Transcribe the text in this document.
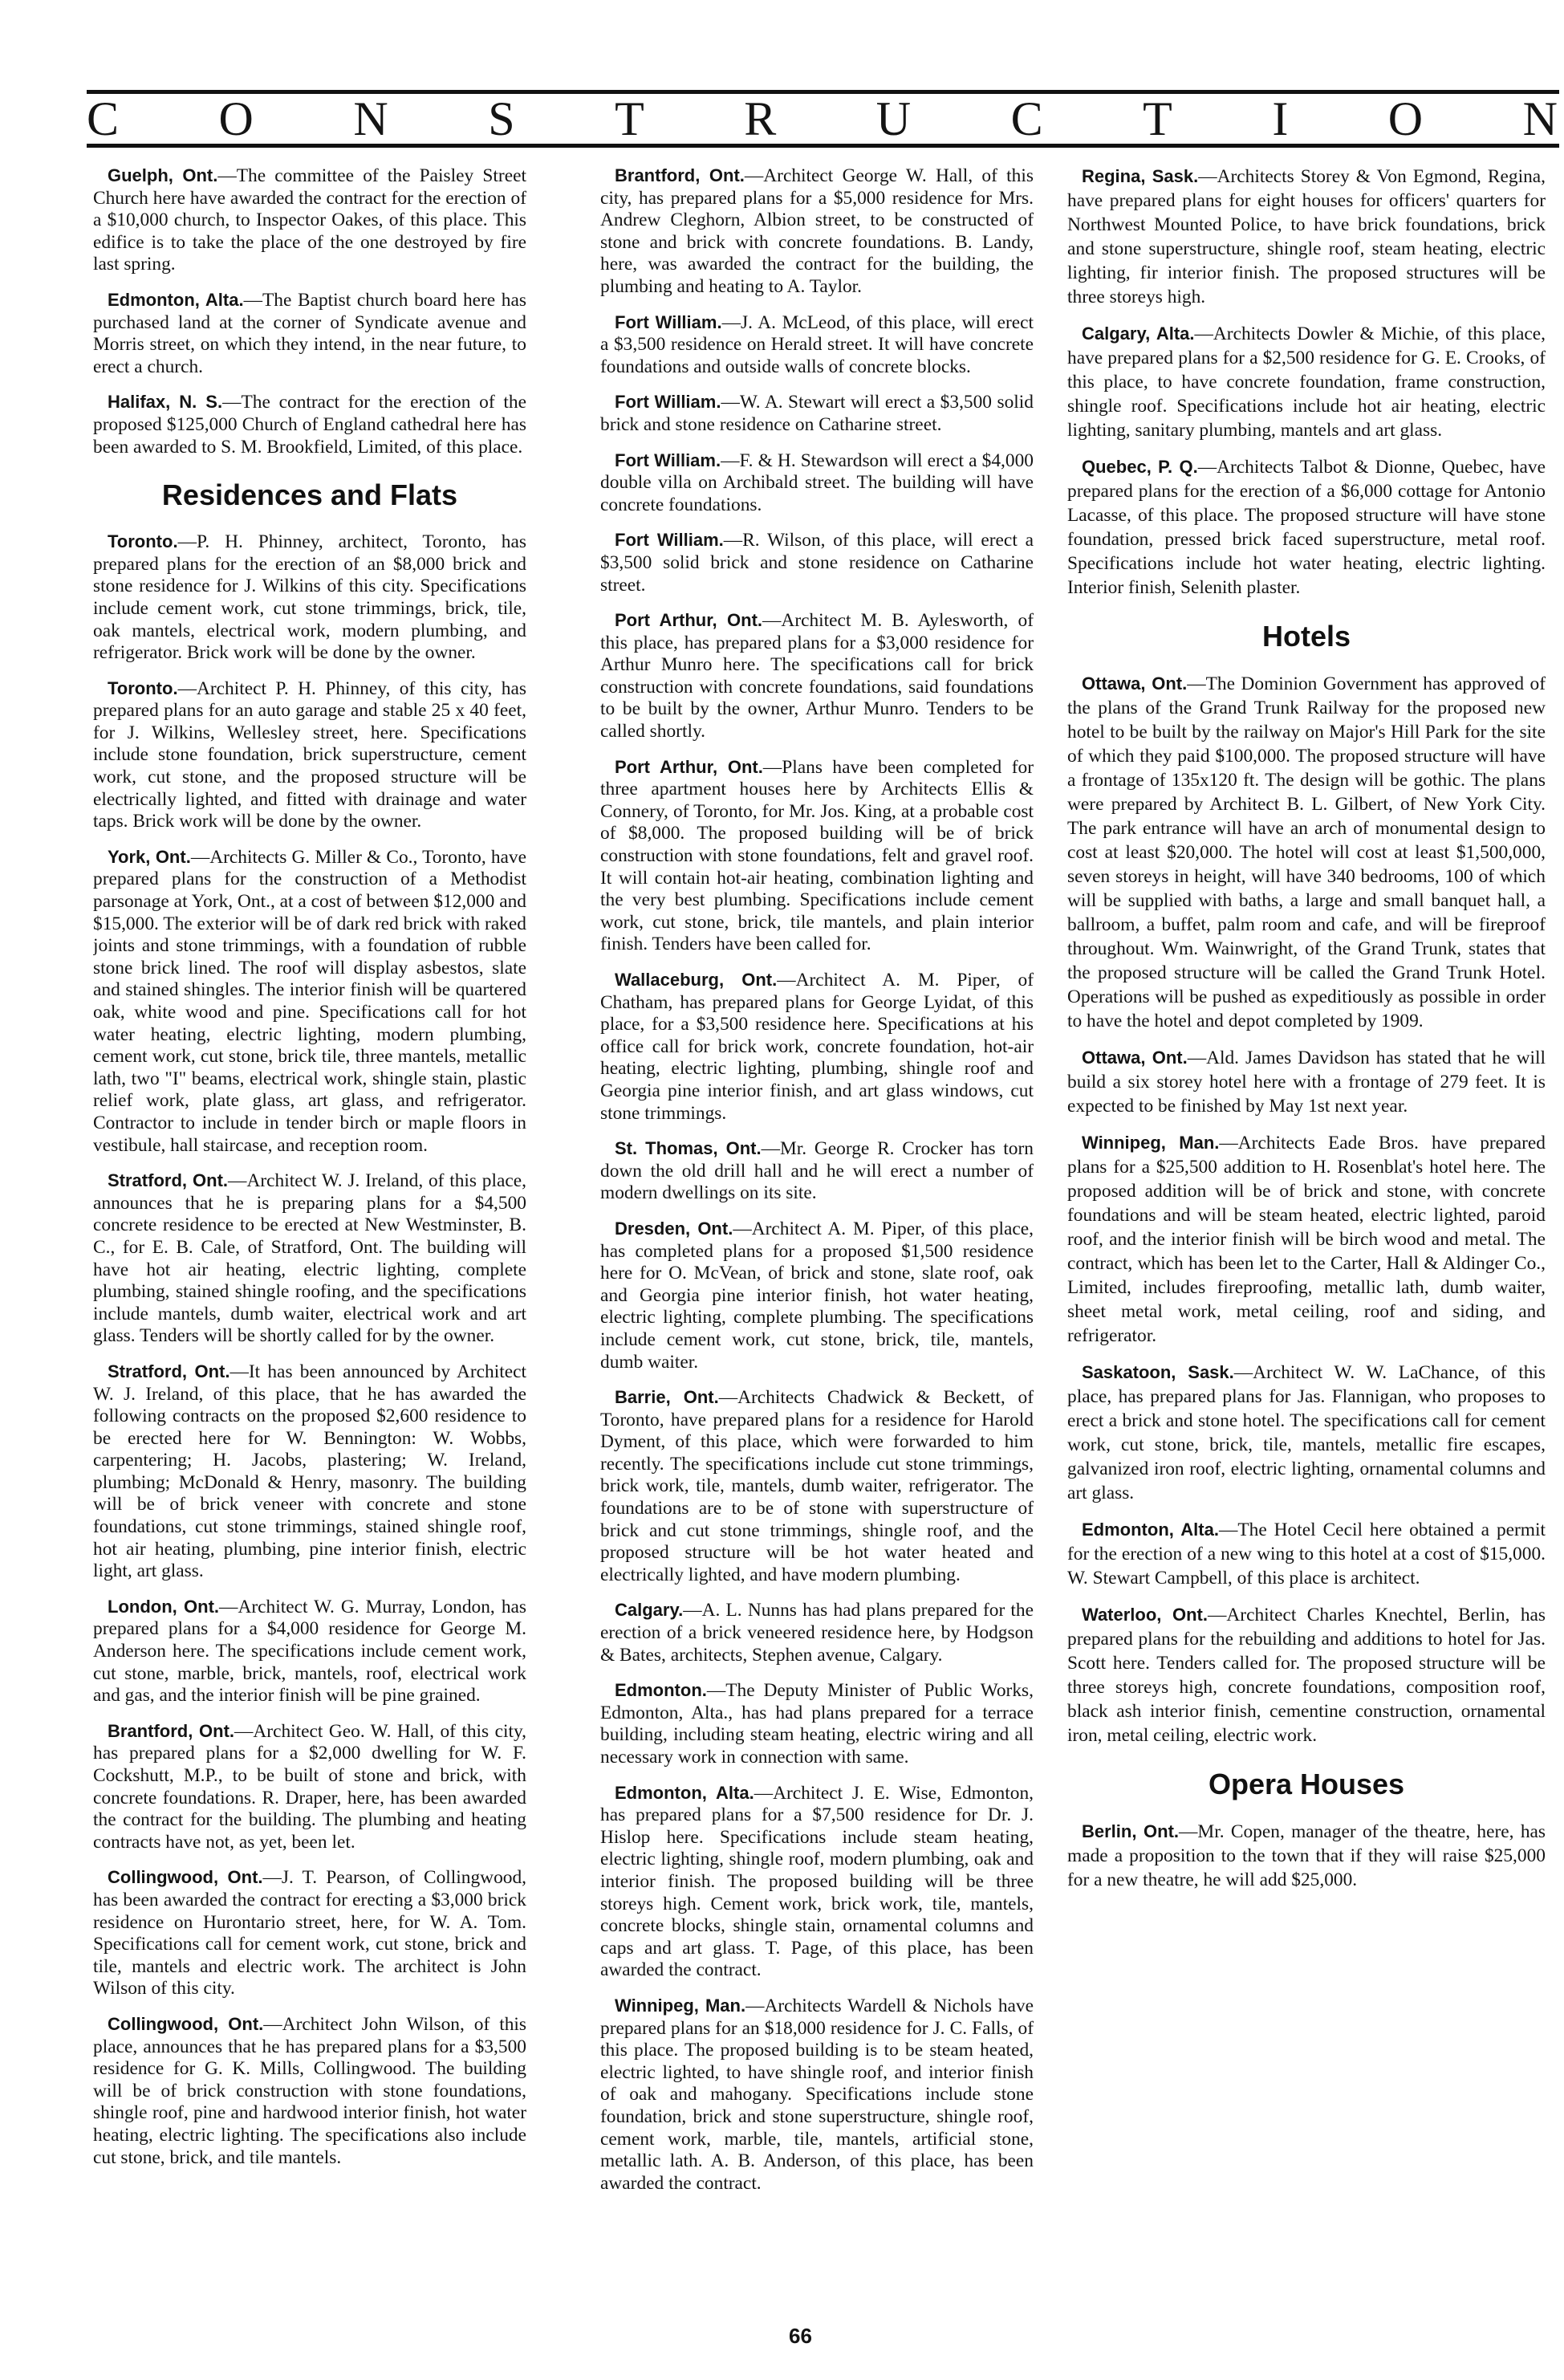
C O N S T R U C T I O N

Guelph, Ont.—The committee of the Paisley Street Church here have awarded the contract for the erection of a $10,000 church, to Inspector Oakes, of this place. This edifice is to take the place of the one destroyed by fire last spring.

Edmonton, Alta.—The Baptist church board here has purchased land at the corner of Syndicate avenue and Morris street, on which they intend, in the near future, to erect a church.

Halifax, N. S.—The contract for the erection of the proposed $125,000 Church of England cathedral here has been awarded to S. M. Brookfield, Limited, of this place.

Residences and Flats

Toronto.—P. H. Phinney, architect, Toronto, has prepared plans for the erection of an $8,000 brick and stone residence for J. Wilkins of this city. Specifications include cement work, cut stone trimmings, brick, tile, oak mantels, electrical work, modern plumbing, and refrigerator. Brick work will be done by the owner.

Toronto.—Architect P. H. Phinney, of this city, has prepared plans for an auto garage and stable 25 x 40 feet, for J. Wilkins, Wellesley street, here. Specifications include stone foundation, brick superstructure, cement work, cut stone, and the proposed structure will be electrically lighted, and fitted with drainage and water taps. Brick work will be done by the owner.

York, Ont.—Architects G. Miller & Co., Toronto, have prepared plans for the construction of a Methodist parsonage at York, Ont., at a cost of between $12,000 and $15,000. The exterior will be of dark red brick with raked joints and stone trimmings, with a foundation of rubble stone brick lined. The roof will display asbestos, slate and stained shingles. The interior finish will be quartered oak, white wood and pine. Specifications call for hot water heating, electric lighting, modern plumbing, cement work, cut stone, brick tile, three mantels, metallic lath, two "I" beams, electrical work, shingle stain, plastic relief work, plate glass, art glass, and refrigerator. Contractor to include in tender birch or maple floors in vestibule, hall staircase, and reception room.

Stratford, Ont.—Architect W. J. Ireland, of this place, announces that he is preparing plans for a $4,500 concrete residence to be erected at New Westminster, B. C., for E. B. Cale, of Stratford, Ont. The building will have hot air heating, electric lighting, complete plumbing, stained shingle roofing, and the specifications include mantels, dumb waiter, electrical work and art glass. Tenders will be shortly called for by the owner.

Stratford, Ont.—It has been announced by Architect W. J. Ireland, of this place, that he has awarded the following contracts on the proposed $2,600 residence to be erected here for W. Bennington: W. Wobbs, carpentering; H. Jacobs, plastering; W. Ireland, plumbing; McDonald & Henry, masonry. The building will be of brick veneer with concrete and stone foundations, cut stone trimmings, stained shingle roof, hot air heating, plumbing, pine interior finish, electric light, art glass.

London, Ont.—Architect W. G. Murray, London, has prepared plans for a $4,000 residence for George M. Anderson here. The specifications include cement work, cut stone, marble, brick, mantels, roof, electrical work and gas, and the interior finish will be pine grained.

Brantford, Ont.—Architect Geo. W. Hall, of this city, has prepared plans for a $2,000 dwelling for W. F. Cockshutt, M.P., to be built of stone and brick, with concrete foundations. R. Draper, here, has been awarded the contract for the building. The plumbing and heating contracts have not, as yet, been let.

Collingwood, Ont.—J. T. Pearson, of Collingwood, has been awarded the contract for erecting a $3,000 brick residence on Hurontario street, here, for W. A. Tom. Specifications call for cement work, cut stone, brick and tile, mantels and electric work. The architect is John Wilson of this city.

Collingwood, Ont.—Architect John Wilson, of this place, announces that he has prepared plans for a $3,500 residence for G. K. Mills, Collingwood. The building will be of brick construction with stone foundations, shingle roof, pine and hardwood interior finish, hot water heating, electric lighting. The specifications also include cut stone, brick, and tile mantels.

Brantford, Ont.—Architect George W. Hall, of this city, has prepared plans for a $5,000 residence for Mrs. Andrew Cleghorn, Albion street, to be constructed of stone and brick with concrete foundations. B. Landy, here, was awarded the contract for the building, the plumbing and heating to A. Taylor.

Fort William.—J. A. McLeod, of this place, will erect a $3,500 residence on Herald street. It will have concrete foundations and outside walls of concrete blocks.

Fort William.—W. A. Stewart will erect a $3,500 solid brick and stone residence on Catharine street.

Fort William.—F. & H. Stewardson will erect a $4,000 double villa on Archibald street. The building will have concrete foundations.

Fort William.—R. Wilson, of this place, will erect a $3,500 solid brick and stone residence on Catharine street.

Port Arthur, Ont.—Architect M. B. Aylesworth, of this place, has prepared plans for a $3,000 residence for Arthur Munro here. The specifications call for brick construction with concrete foundations, said foundations to be built by the owner, Arthur Munro. Tenders to be called shortly.

Port Arthur, Ont.—Plans have been completed for three apartment houses here by Architects Ellis & Connery, of Toronto, for Mr. Jos. King, at a probable cost of $8,000. The proposed building will be of brick construction with stone foundations, felt and gravel roof. It will contain hot-air heating, combination lighting and the very best plumbing. Specifications include cement work, cut stone, brick, tile mantels, and plain interior finish. Tenders have been called for.

Wallaceburg, Ont.—Architect A. M. Piper, of Chatham, has prepared plans for George Lyidat, of this place, for a $3,500 residence here. Specifications at his office call for brick work, concrete foundation, hot-air heating, electric lighting, plumbing, shingle roof and Georgia pine interior finish, and art glass windows, cut stone trimmings.

St. Thomas, Ont.—Mr. George R. Crocker has torn down the old drill hall and he will erect a number of modern dwellings on its site.

Dresden, Ont.—Architect A. M. Piper, of this place, has completed plans for a proposed $1,500 residence here for O. McVean, of brick and stone, slate roof, oak and Georgia pine interior finish, hot water heating, electric lighting, complete plumbing. The specifications include cement work, cut stone, brick, tile, mantels, dumb waiter.

Barrie, Ont.—Architects Chadwick & Beckett, of Toronto, have prepared plans for a residence for Harold Dyment, of this place, which were forwarded to him recently. The specifications include cut stone trimmings, brick work, tile, mantels, dumb waiter, refrigerator. The foundations are to be of stone with superstructure of brick and cut stone trimmings, shingle roof, and the proposed structure will be hot water heated and electrically lighted, and have modern plumbing.

Calgary.—A. L. Nunns has had plans prepared for the erection of a brick veneered residence here, by Hodgson & Bates, architects, Stephen avenue, Calgary.

Edmonton.—The Deputy Minister of Public Works, Edmonton, Alta., has had plans prepared for a terrace building, including steam heating, electric wiring and all necessary work in connection with same.

Edmonton, Alta.—Architect J. E. Wise, Edmonton, has prepared plans for a $7,500 residence for Dr. J. Hislop here. Specifications include steam heating, electric lighting, shingle roof, modern plumbing, oak and interior finish. The proposed building will be three storeys high. Cement work, brick work, tile, mantels, concrete blocks, shingle stain, ornamental columns and caps and art glass. T. Page, of this place, has been awarded the contract.

Winnipeg, Man.—Architects Wardell & Nichols have prepared plans for an $18,000 residence for J. C. Falls, of this place. The proposed building is to be steam heated, electric lighted, to have shingle roof, and interior finish of oak and mahogany. Specifications include stone foundation, brick and stone superstructure, shingle roof, cement work, marble, tile, mantels, artificial stone, metallic lath. A. B. Anderson, of this place, has been awarded the contract.

Regina, Sask.—Architects Storey & Von Egmond, Regina, have prepared plans for eight houses for officers' quarters for Northwest Mounted Police, to have brick foundations, brick and stone superstructure, shingle roof, steam heating, electric lighting, fir interior finish. The proposed structures will be three storeys high.

Calgary, Alta.—Architects Dowler & Michie, of this place, have prepared plans for a $2,500 residence for G. E. Crooks, of this place, to have concrete foundation, frame construction, shingle roof. Specifications include hot air heating, electric lighting, sanitary plumbing, mantels and art glass.

Quebec, P. Q.—Architects Talbot & Dionne, Quebec, have prepared plans for the erection of a $6,000 cottage for Antonio Lacasse, of this place. The proposed structure will have stone foundation, pressed brick faced superstructure, metal roof. Specifications include hot water heating, electric lighting. Interior finish, Selenith plaster.

Hotels

Ottawa, Ont.—The Dominion Government has approved of the plans of the Grand Trunk Railway for the proposed new hotel to be built by the railway on Major's Hill Park for the site of which they paid $100,000. The proposed structure will have a frontage of 135x120 ft. The design will be gothic. The plans were prepared by Architect B. L. Gilbert, of New York City. The park entrance will have an arch of monumental design to cost at least $20,000. The hotel will cost at least $1,500,000, seven storeys in height, will have 340 bedrooms, 100 of which will be supplied with baths, a large and small banquet hall, a ballroom, a buffet, palm room and cafe, and will be fireproof throughout. Wm. Wainwright, of the Grand Trunk, states that the proposed structure will be called the Grand Trunk Hotel. Operations will be pushed as expeditiously as possible in order to have the hotel and depot completed by 1909.

Ottawa, Ont.—Ald. James Davidson has stated that he will build a six storey hotel here with a frontage of 279 feet. It is expected to be finished by May 1st next year.

Winnipeg, Man.—Architects Eade Bros. have prepared plans for a $25,500 addition to H. Rosenblat's hotel here. The proposed addition will be of brick and stone, with concrete foundations and will be steam heated, electric lighted, paroid roof, and the interior finish will be birch wood and metal. The contract, which has been let to the Carter, Hall & Aldinger Co., Limited, includes fireproofing, metallic lath, dumb waiter, sheet metal work, metal ceiling, roof and siding, and refrigerator.

Saskatoon, Sask.—Architect W. W. LaChance, of this place, has prepared plans for Jas. Flannigan, who proposes to erect a brick and stone hotel. The specifications call for cement work, cut stone, brick, tile, mantels, metallic fire escapes, galvanized iron roof, electric lighting, ornamental columns and art glass.

Edmonton, Alta.—The Hotel Cecil here obtained a permit for the erection of a new wing to this hotel at a cost of $15,000. W. Stewart Campbell, of this place is architect.

Waterloo, Ont.—Architect Charles Knechtel, Berlin, has prepared plans for the rebuilding and additions to hotel for Jas. Scott here. Tenders called for. The proposed structure will be three storeys high, concrete foundations, composition roof, black ash interior finish, cementine construction, ornamental iron, metal ceiling, electric work.

Opera Houses

Berlin, Ont.—Mr. Copen, manager of the theatre, here, has made a proposition to the town that if they will raise $25,000 for a new theatre, he will add $25,000.

66
